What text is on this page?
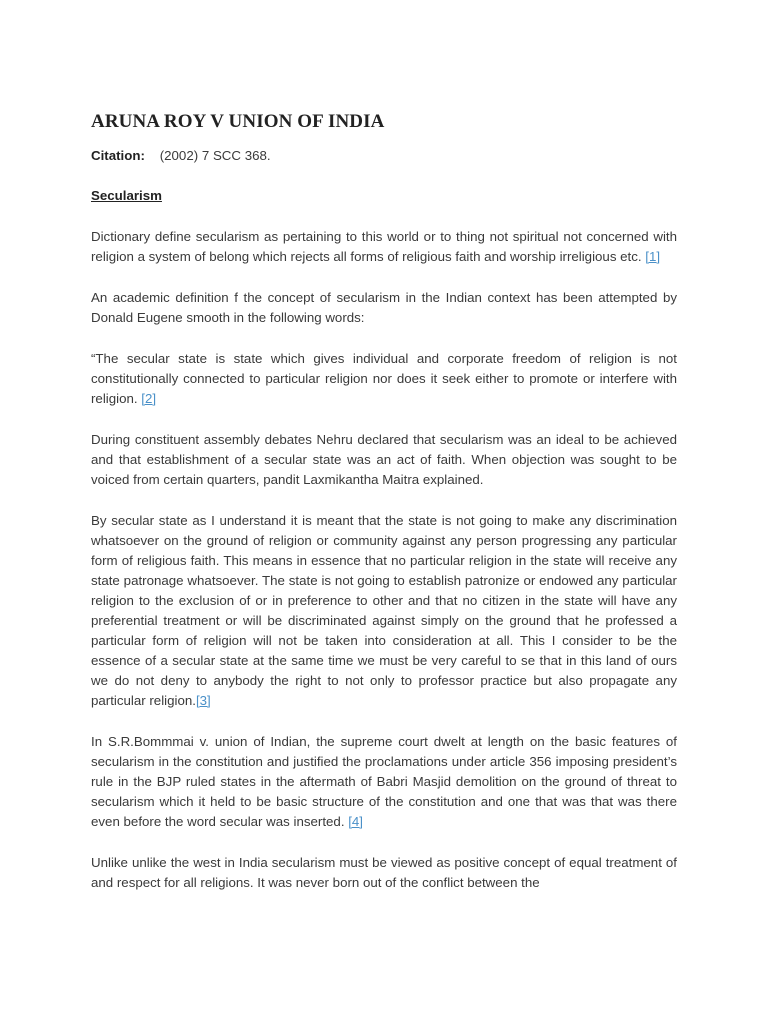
ARUNA ROY V UNION OF INDIA
Citation: (2002) 7 SCC 368.
Secularism

Dictionary define secularism as pertaining to this world or to thing not spiritual not concerned with religion a system of belong which rejects all forms of religious faith and worship irreligious etc. [1]

An academic definition f the concept of secularism in the Indian context has been attempted by Donald Eugene smooth in the following words:

“The secular state is state which gives individual and corporate freedom of religion is not constitutionally connected to particular religion nor does it seek either to promote or interfere with religion. [2]

During constituent assembly debates Nehru declared that secularism was an ideal to be achieved and that establishment of a secular state was an act of faith. When objection was sought to be voiced from certain quarters, pandit Laxmikantha Maitra explained.

By secular state as I understand it is meant that the state is not going to make any discrimination whatsoever on the ground of religion or community against any person progressing any particular form of religious faith. This means in essence that no particular religion in the state will receive any state patronage whatsoever. The state is not going to establish patronize or endowed any particular religion to the exclusion of or in preference to other and that no citizen in the state will have any preferential treatment or will be discriminated against simply on the ground that he professed a particular form of religion will not be taken into consideration at all. This I consider to be the essence of a secular state at the same time we must be very careful to se that in this land of ours we do not deny to anybody the right to not only to professor practice but also propagate any particular religion.[3]

In S.R.Bommmai v. union of Indian, the supreme court dwelt at length on the basic features of secularism in the constitution and justified the proclamations under article 356 imposing president’s rule in the BJP ruled states in the aftermath of Babri Masjid demolition on the ground of threat to secularism which it held to be basic structure of the constitution and one that was that was there even before the word secular was inserted. [4]

Unlike unlike the west in India secularism must be viewed as positive concept of equal treatment of and respect for all religions. It was never born out of the conflict between the
